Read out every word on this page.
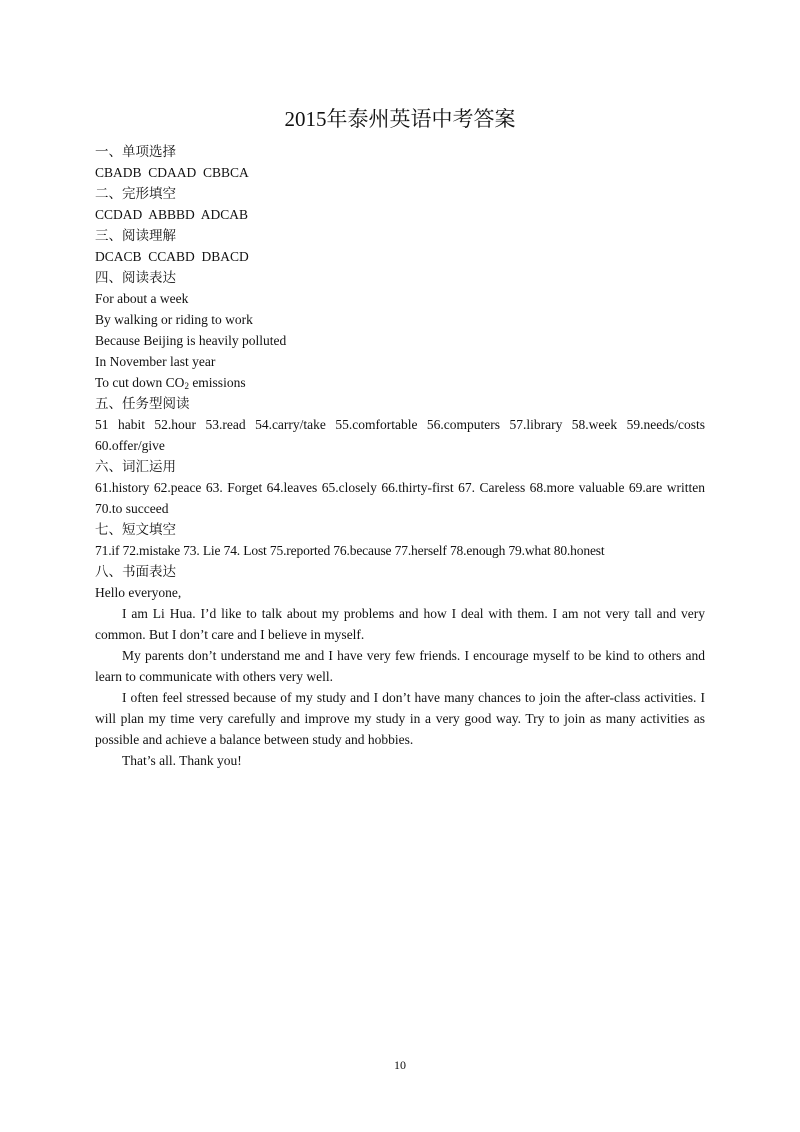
2015年泰州英语中考答案
一、单项选择
CBADB  CDAAD  CBBCA
二、完形填空
CCDAD  ABBBD  ADCAB
三、阅读理解
DCACB  CCABD  DBACD
四、阅读表达
For about a week
By walking or riding to work
Because Beijing is heavily polluted
In November last year
To cut down $CO_2$ emissions
五、任务型阅读
51 habit 52.hour 53.read 54.carry/take 55.comfortable 56.computers 57.library 58.week 59.needs/costs 60.offer/give
六、词汇运用
61.history 62.peace 63. Forget 64.leaves 65.closely 66.thirty-first 67. Careless 68.more valuable 69.are written 70.to succeed
七、短文填空
71.if 72.mistake 73. Lie 74. Lost 75.reported 76.because 77.herself 78.enough 79.what 80.honest
八、书面表达
Hello everyone,
I am Li Hua. I’d like to talk about my problems and how I deal with them. I am not very tall and very common. But I don’t care and I believe in myself.
My parents don’t understand me and I have very few friends. I encourage myself to be kind to others and learn to communicate with others very well.
I often feel stressed because of my study and I don’t have many chances to join the after-class activities. I will plan my time very carefully and improve my study in a very good way. Try to join as many activities as possible and achieve a balance between study and hobbies.
That’s all. Thank you!
10
